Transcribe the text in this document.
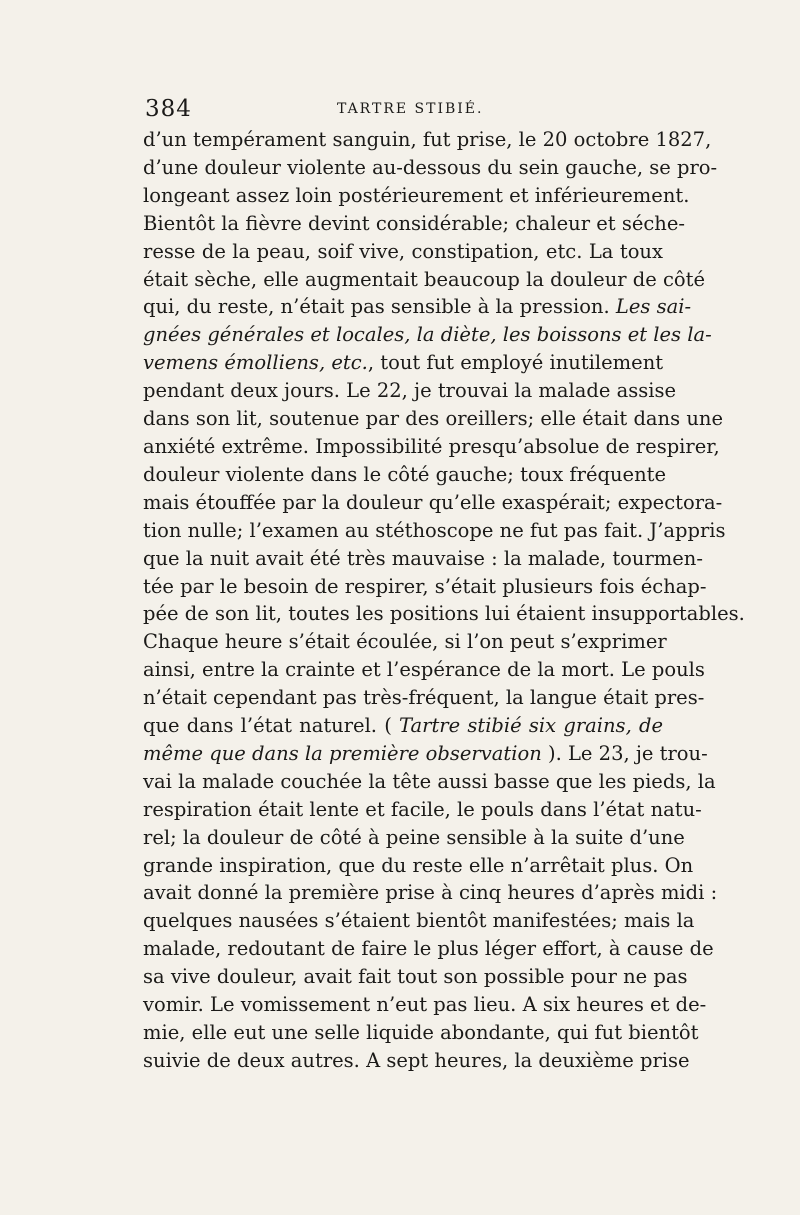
384	TARTRE STIBIÉ.
d’un tempérament sanguin, fut prise, le 20 octobre 1827,
d’une douleur violente au-dessous du sein gauche, se pro-
longeant assez loin postérieurement et inférieurement.
Bientôt la fièvre devint considérable; chaleur et séche-
resse de la peau, soif vive, constipation, etc. La toux
était sèche, elle augmentait beaucoup la douleur de côté
qui, du reste, n’était pas sensible à la pression. Les sai-
gnées générales et locales, la diète, les boissons et les la-
vemens émolliens, etc., tout fut employé inutilement
pendant deux jours. Le 22, je trouvai la malade assise
dans son lit, soutenue par des oreillers; elle était dans une
anxiété extrême. Impossibilité presqu’absolue de respirer,
douleur violente dans le côté gauche; toux fréquente
mais étouffée par la douleur qu’elle exaspérait; expectora-
tion nulle; l’examen au stéthoscope ne fut pas fait. J’appris
que la nuit avait été très mauvaise : la malade, tourmen-
tée par le besoin de respirer, s’était plusieurs fois échap-
pée de son lit, toutes les positions lui étaient insupportables.
Chaque heure s’était écoulée, si l’on peut s’exprimer
ainsi, entre la crainte et l’espérance de la mort. Le pouls
n’était cependant pas très-fréquent, la langue était pres-
que dans l’état naturel. ( Tartre stibié six grains, de
même que dans la première observation ). Le 23, je trou-
vai la malade couchée la tête aussi basse que les pieds, la
respiration était lente et facile, le pouls dans l’état natu-
rel; la douleur de côté à peine sensible à la suite d’une
grande inspiration, que du reste elle n’arrêtait plus. On
avait donné la première prise à cinq heures d’après midi :
quelques nausées s’étaient bientôt manifestées; mais la
malade, redoutant de faire le plus léger effort, à cause de
sa vive douleur, avait fait tout son possible pour ne pas
vomir. Le vomissement n’eut pas lieu. A six heures et de-
mie, elle eut une selle liquide abondante, qui fut bientôt
suivie de deux autres. A sept heures, la deuxième prise
